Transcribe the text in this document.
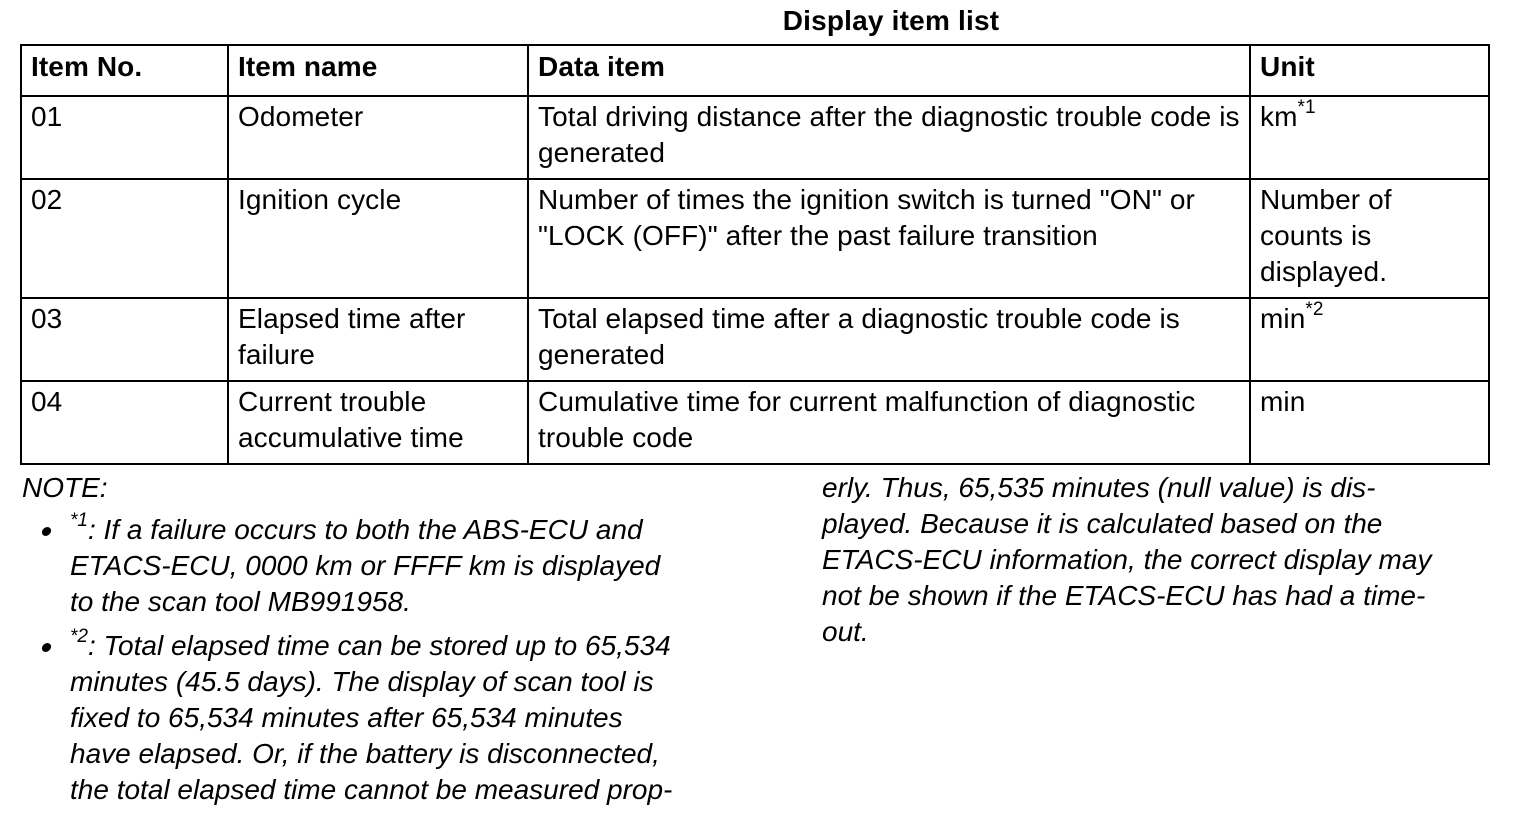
Display item list
Item No.	Item name	Data item	Unit
01	Odometer	Total driving distance after the diagnostic trouble code is generated	$km^{*1}$
02	Ignition cycle	Number of times the ignition switch is turned "ON" or "LOCK (OFF)" after the past failure transition	Number of counts is displayed.
03	Elapsed time after failure	Total elapsed time after a diagnostic trouble code is generated	$\min^{*2}$
04	Current trouble accumulative time	Cumulative time for current malfunction of diagnostic trouble code	min

NOTE:

$^{*1}$: If a failure occurs to both the ABS-ECU and
ETACS-ECU, 0000 km or FFFF km is displayed
to the scan tool MB991958.
$^{*2}$: Total elapsed time can be stored up to 65,534
minutes (45.5 days). The display of scan tool is
fixed to 65,534 minutes after 65,534 minutes
have elapsed. Or, if the battery is disconnected,
the total elapsed time cannot be measured prop-
erly. Thus, 65,535 minutes (null value) is dis-
played. Because it is calculated based on the
ETACS-ECU information, the correct display may
not be shown if the ETACS-ECU has had a time-
out.
